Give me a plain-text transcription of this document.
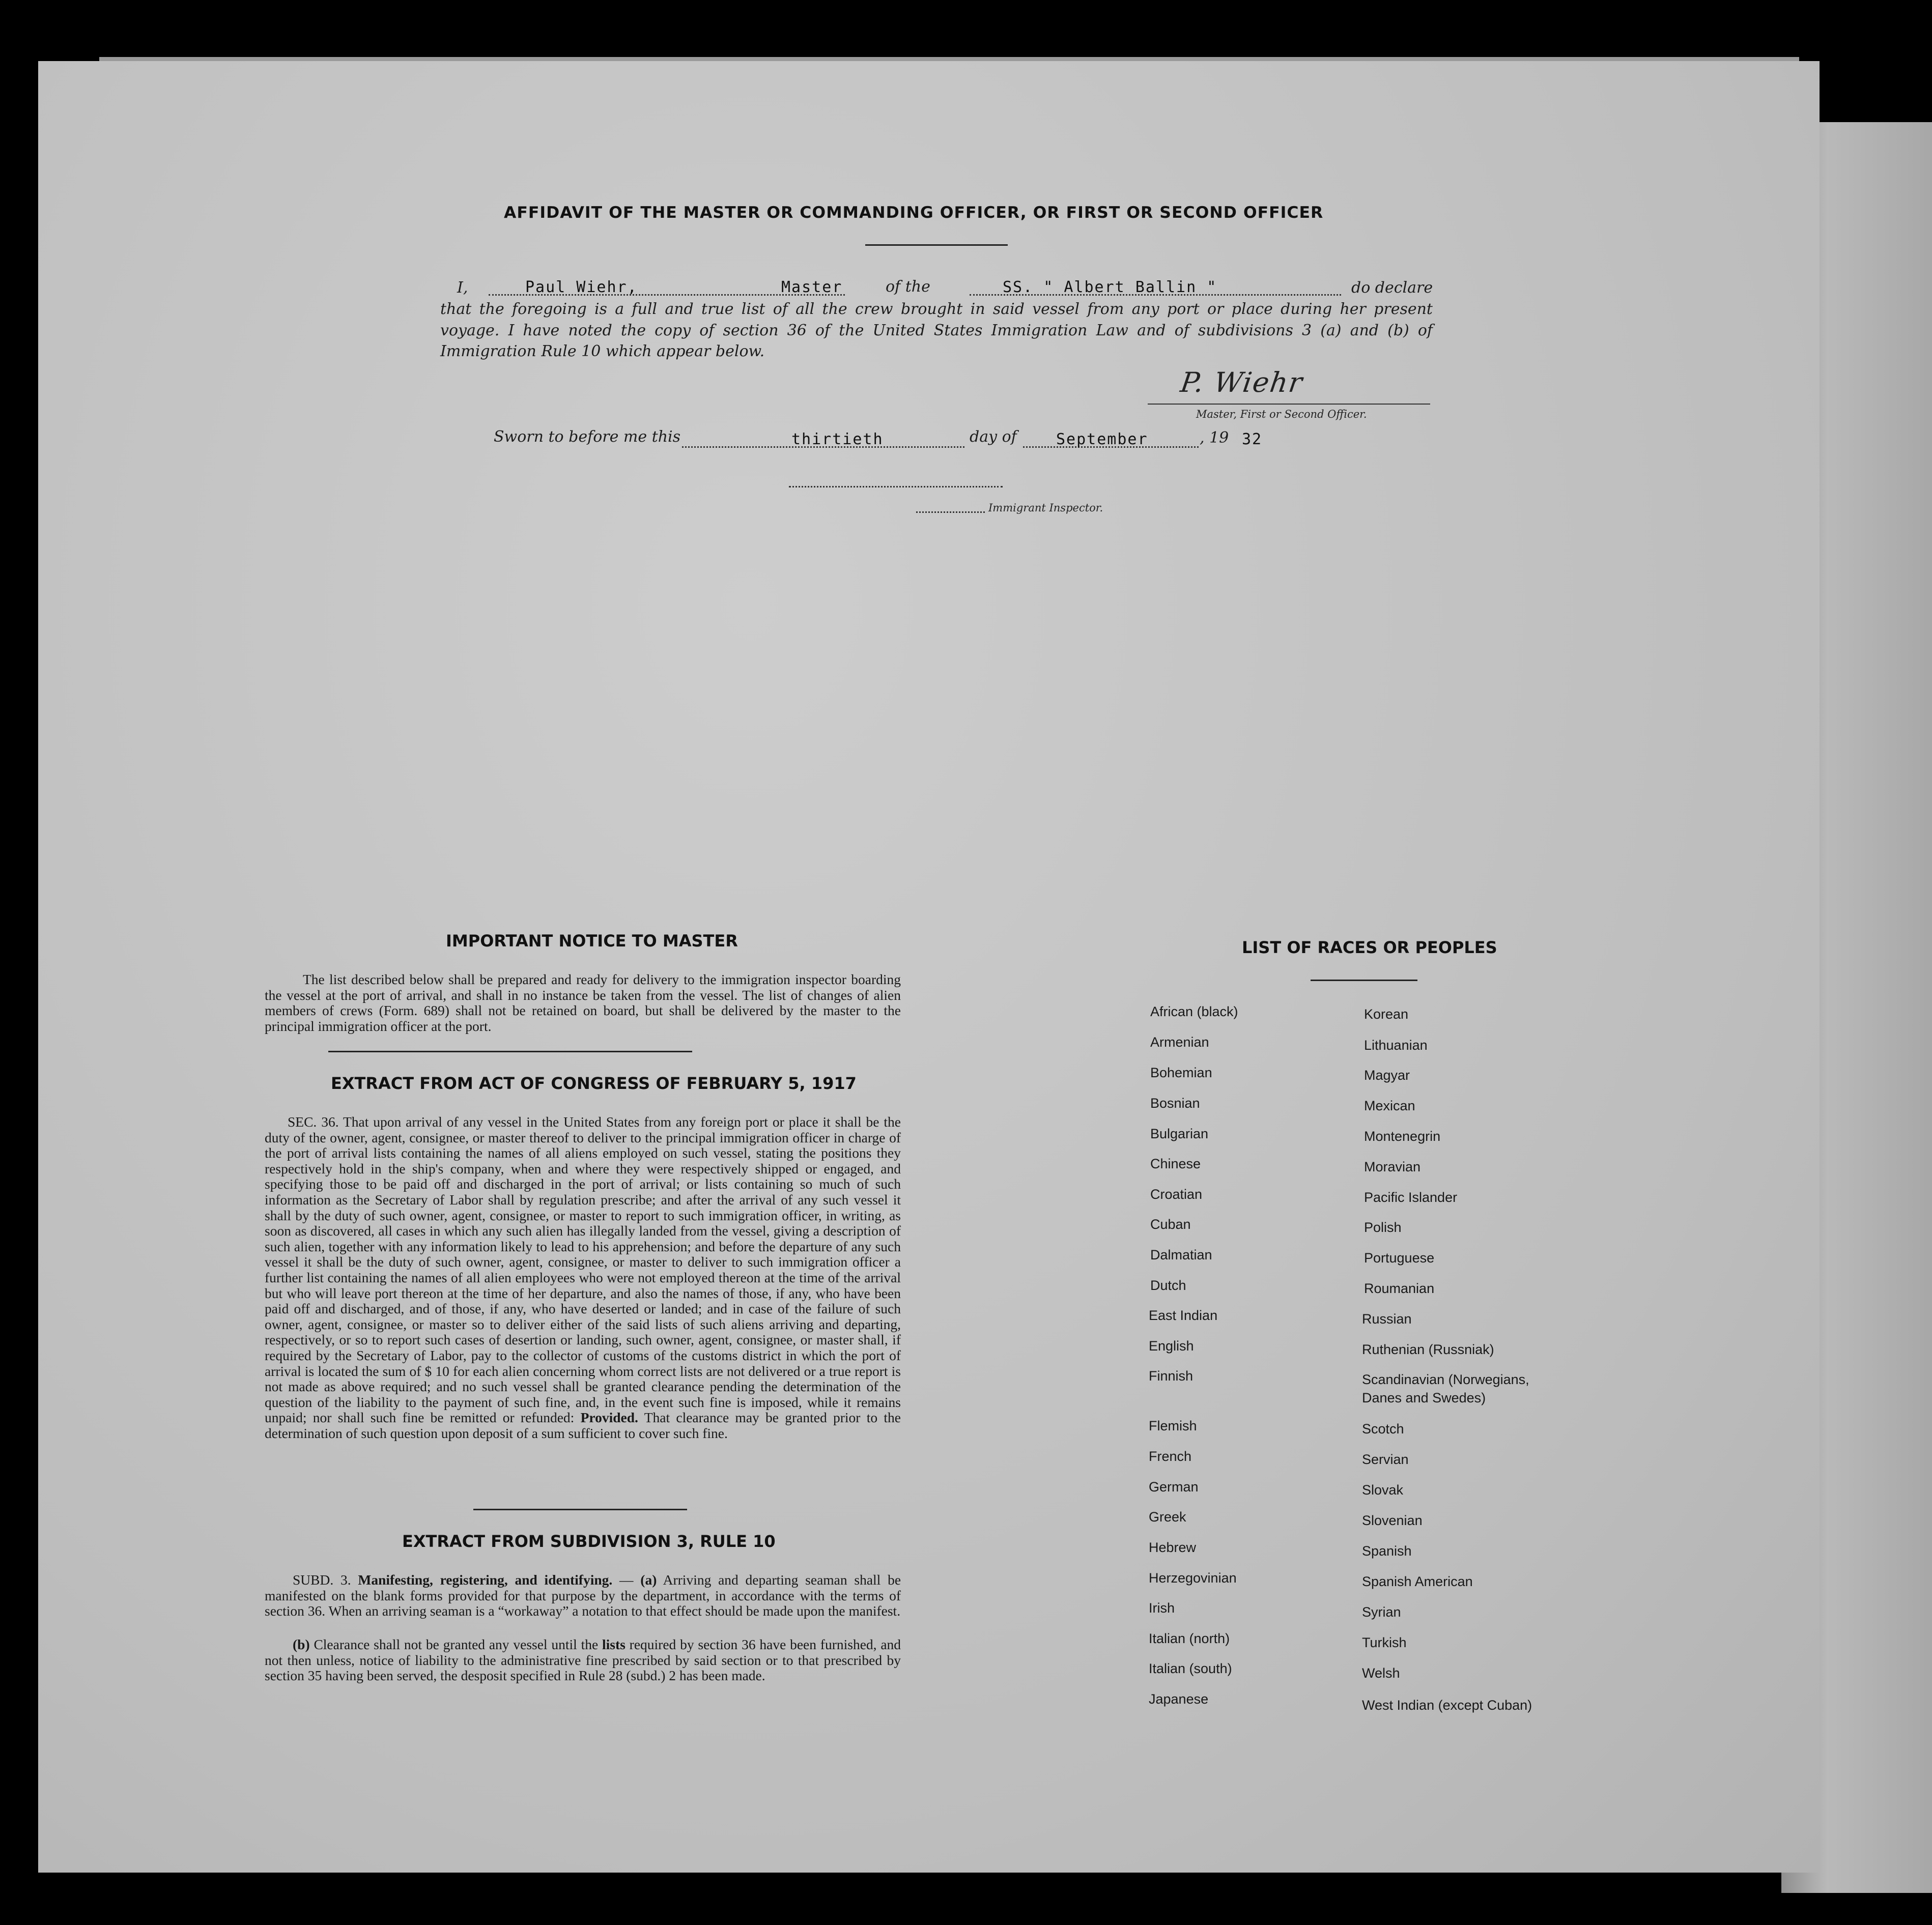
AFFIDAVIT OF THE MASTER OR COMMANDING OFFICER, OR FIRST OR SECOND OFFICER
I,	Paul Wiehr,	Master	of the	SS. " Albert Ballin "	do declare
that the foregoing is a full and true list of all the crew brought in said vessel from any port or place during her present
voyage. I have noted the copy of section 36 of the United States Immigration Law and of subdivisions 3 (a) and (b) of
Immigration Rule 10 which appear below.
P. Wiehr
Master, First or Second Officer.
Sworn to before me this	thirtieth	day of	September	, 19 32
Immigrant Inspector.
IMPORTANT NOTICE TO MASTER
The list described below shall be prepared and ready for delivery to the immigration inspector boarding the vessel at the port of arrival, and shall in no instance be taken from the vessel. The list of changes of alien members of crews (Form. 689) shall not be retained on board, but shall be delivered by the master to the principal immigration officer at the port.
EXTRACT FROM ACT OF CONGRESS OF FEBRUARY 5, 1917
SEC. 36. That upon arrival of any vessel in the United States from any foreign port or place it shall be the duty of the owner, agent, consignee, or master thereof to deliver to the principal immigration officer in charge of the port of arrival lists containing the names of all aliens employed on such vessel, stating the positions they respectively hold in the ship's company, when and where they were respectively shipped or engaged, and specifying those to be paid off and discharged in the port of arrival; or lists containing so much of such information as the Secretary of Labor shall by regulation prescribe; and after the arrival of any such vessel it shall by the duty of such owner, agent, consignee, or master to report to such immigration officer, in writing, as soon as discovered, all cases in which any such alien has illegally landed from the vessel, giving a description of such alien, together with any information likely to lead to his apprehension; and before the departure of any such vessel it shall be the duty of such owner, agent, consignee, or master to deliver to such immigration officer a further list containing the names of all alien employees who were not employed thereon at the time of the arrival but who will leave port thereon at the time of her departure, and also the names of those, if any, who have been paid off and discharged, and of those, if any, who have deserted or landed; and in case of the failure of such owner, agent, consignee, or master so to deliver either of the said lists of such aliens arriving and departing, respectively, or so to report such cases of desertion or landing, such owner, agent, consignee, or master shall, if required by the Secretary of Labor, pay to the collector of customs of the customs district in which the port of arrival is located the sum of $ 10 for each alien concerning whom correct lists are not delivered or a true report is not made as above required; and no such vessel shall be granted clearance pending the determination of the question of the liability to the payment of such fine, and, in the event such fine is imposed, while it remains unpaid; nor shall such fine be remitted or refunded: Provided. That clearance may be granted prior to the determination of such question upon deposit of a sum sufficient to cover such fine.
EXTRACT FROM SUBDIVISION 3, RULE 10
SUBD. 3. Manifesting, registering, and identifying. — (a) Arriving and departing seaman shall be manifested on the blank forms provided for that purpose by the department, in accordance with the terms of section 36. When an arriving seaman is a “workaway” a notation to that effect should be made upon the manifest.
(b) Clearance shall not be granted any vessel until the lists required by section 36 have been furnished, and not then unless, notice of liability to the administrative fine prescribed by said section or to that prescribed by section 35 having been served, the desposit specified in Rule 28 (subd.) 2 has been made.
LIST OF RACES OR PEOPLES
African (black)
Armenian
Bohemian
Bosnian
Bulgarian
Chinese
Croatian
Cuban
Dalmatian
Dutch
East Indian
English
Finnish
Flemish
French
German
Greek
Hebrew
Herzegovinian
Irish
Italian (north)
Italian (south)
Japanese
Korean
Lithuanian
Magyar
Mexican
Montenegrin
Moravian
Pacific Islander
Polish
Portuguese
Roumanian
Russian
Ruthenian (Russniak)
Scandinavian (Norwegians,
Danes and Swedes)
Scotch
Servian
Slovak
Slovenian
Spanish
Spanish American
Syrian
Turkish
Welsh
West Indian (except Cuban)
